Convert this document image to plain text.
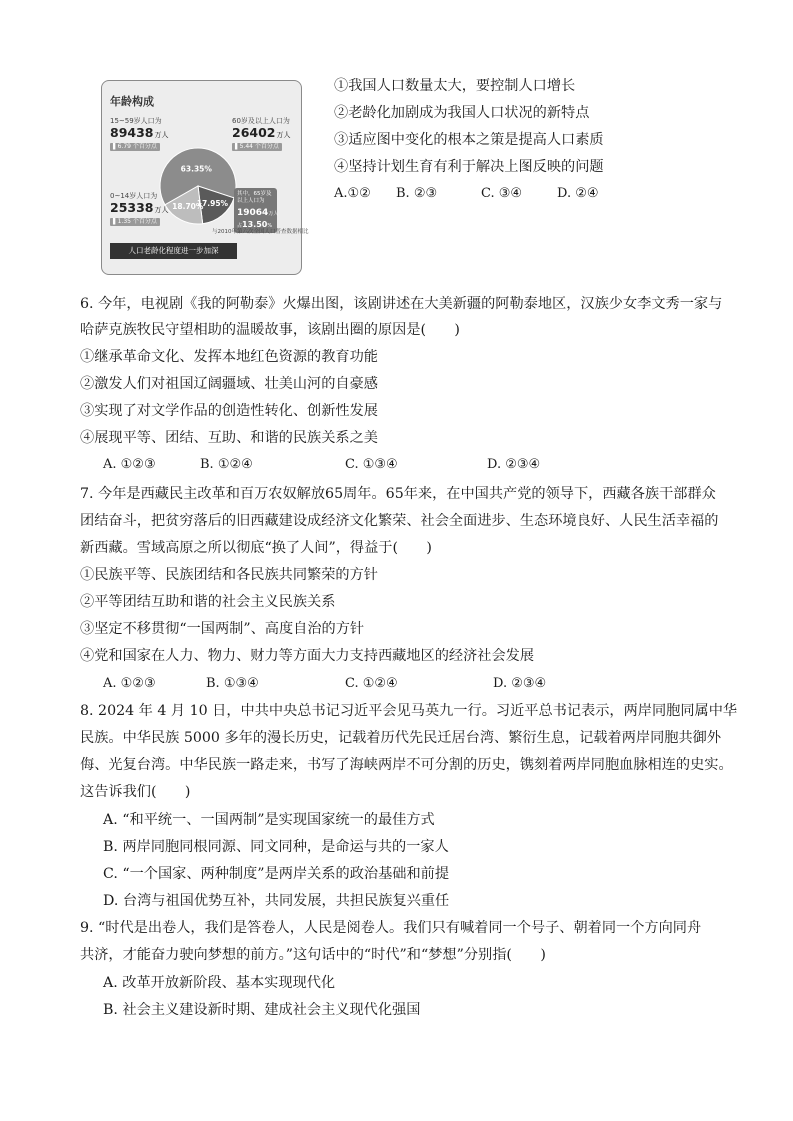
年龄构成
63.35%
17.95%
18.70%
15~59岁人口为
89438万人
▌6.79 个百分点
60岁及以上人口为
26402万人
▌5.44 个百分点
0~14岁人口为
25338万人
▌1.35 个百分点
其中，65岁及
以上人口为
19064万人
占13.50%
与2010年第六次全国人口普查数据相比
人口老龄化程度进一步加深
①我国人口数量太大，要控制人口增长
②老龄化加剧成为我国人口状况的新特点
③适应图中变化的根本之策是提高人口素质
④坚持计划生育有利于解决上图反映的问题
A.①② B. ②③	C. ③④	D. ②④
6. 今年，电视剧《我的阿勒泰》火爆出图，该剧讲述在大美新疆的阿勒泰地区，汉族少女李文秀一家与
哈萨克族牧民守望相助的温暖故事，该剧出圈的原因是(　　)
①继承革命文化、发挥本地红色资源的教育功能
②激发人们对祖国辽阔疆域、壮美山河的自豪感
③实现了对文学作品的创造性转化、创新性发展
④展现平等、团结、互助、和谐的民族关系之美
A. ①②③	B. ①②④	C. ①③④	D. ②③④
7. 今年是西藏民主改革和百万农奴解放65周年。65年来，在中国共产党的领导下，西藏各族干部群众
团结奋斗，把贫穷落后的旧西藏建设成经济文化繁荣、社会全面进步、生态环境良好、人民生活幸福的
新西藏。雪域高原之所以彻底“换了人间”，得益于(　　)
①民族平等、民族团结和各民族共同繁荣的方针
②平等团结互助和谐的社会主义民族关系
③坚定不移贯彻“一国两制”、高度自治的方针
④党和国家在人力、物力、财力等方面大力支持西藏地区的经济社会发展
A. ①②③	B. ①③④	C. ①②④	D. ②③④
8. 2024 年 4 月 10 日，中共中央总书记习近平会见马英九一行。习近平总书记表示，两岸同胞同属中华
民族。中华民族 5000 多年的漫长历史，记载着历代先民迁居台湾、繁衍生息，记载着两岸同胞共御外
侮、光复台湾。中华民族一路走来，书写了海峡两岸不可分割的历史，镌刻着两岸同胞血脉相连的史实。
这告诉我们(　　)
A. “和平统一、一国两制”是实现国家统一的最佳方式
B. 两岸同胞同根同源、同文同种，是命运与共的一家人
C. “一个国家、两种制度”是两岸关系的政治基础和前提
D. 台湾与祖国优势互补，共同发展，共担民族复兴重任
9. “时代是出卷人，我们是答卷人，人民是阅卷人。我们只有喊着同一个号子、朝着同一个方向同舟
共济，才能奋力驶向梦想的前方。”这句话中的“时代”和“梦想”分别指(　　)
A. 改革开放新阶段、基本实现现代化
B. 社会主义建设新时期、建成社会主义现代化强国
